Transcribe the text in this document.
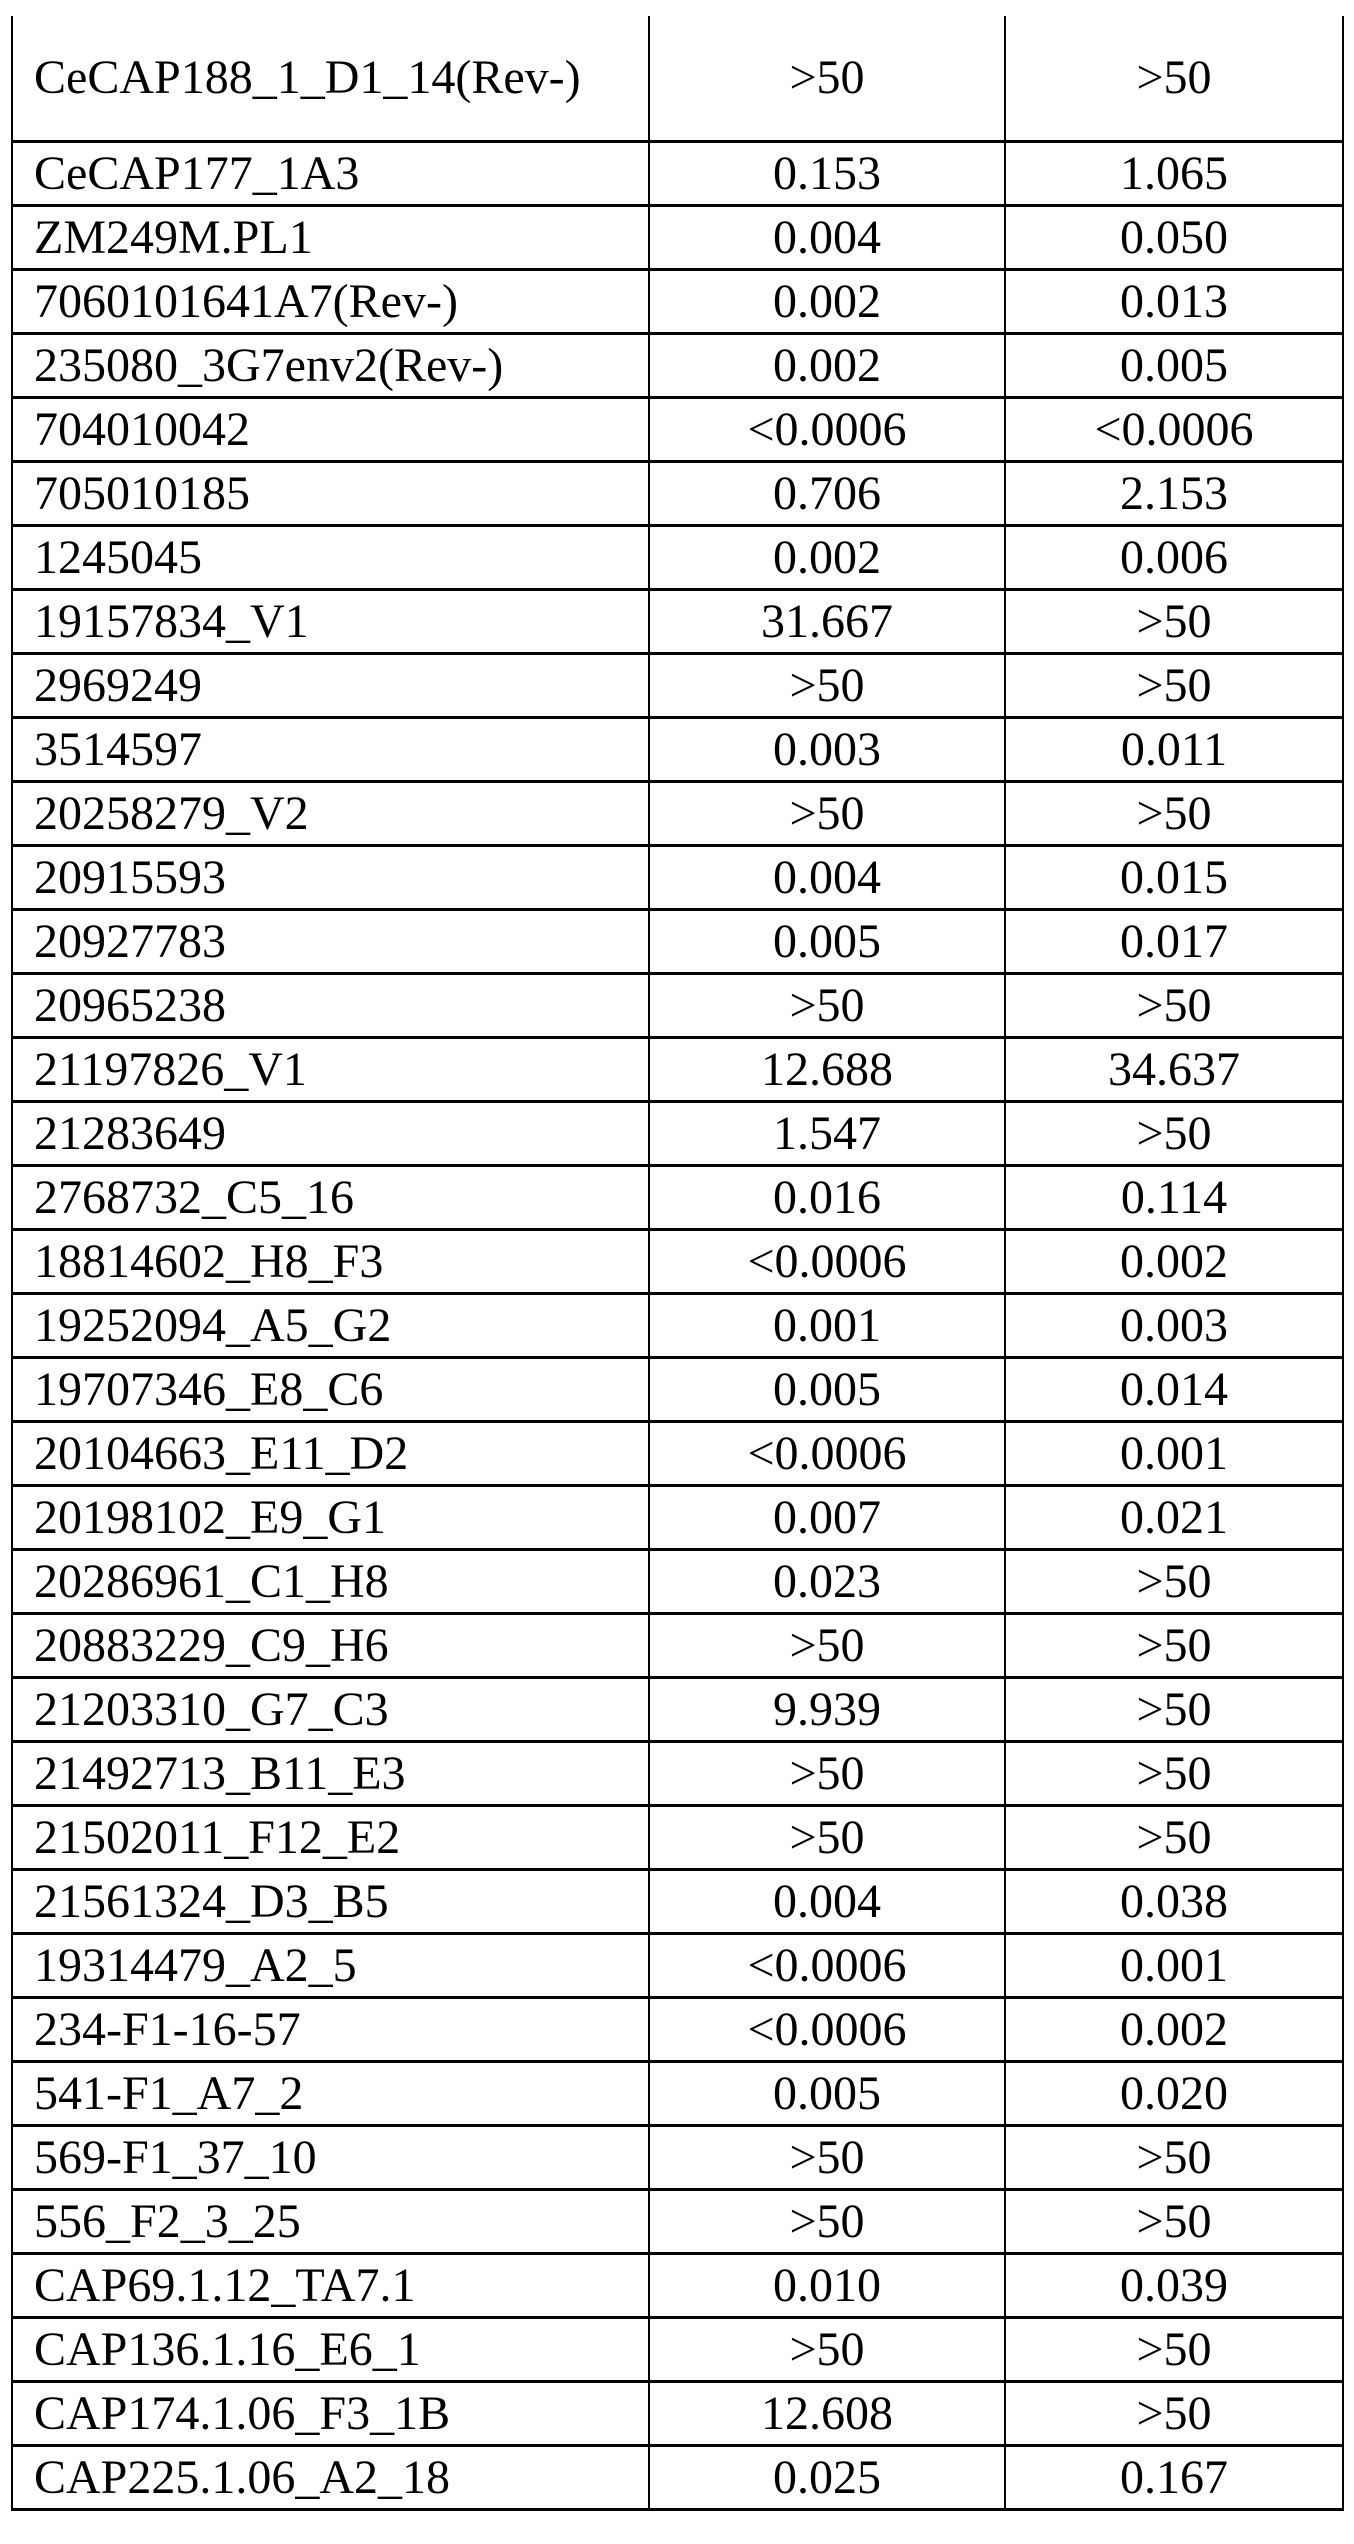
CeCAP188_1_D1_14(Rev-)	>50	>50
CeCAP177_1A3	0.153	1.065
ZM249M.PL1	0.004	0.050
7060101641A7(Rev-)	0.002	0.013
235080_3G7env2(Rev-)	0.002	0.005
704010042	<0.0006	<0.0006
705010185	0.706	2.153
1245045	0.002	0.006
19157834_V1	31.667	>50
2969249	>50	>50
3514597	0.003	0.011
20258279_V2	>50	>50
20915593	0.004	0.015
20927783	0.005	0.017
20965238	>50	>50
21197826_V1	12.688	34.637
21283649	1.547	>50
2768732_C5_16	0.016	0.114
18814602_H8_F3	<0.0006	0.002
19252094_A5_G2	0.001	0.003
19707346_E8_C6	0.005	0.014
20104663_E11_D2	<0.0006	0.001
20198102_E9_G1	0.007	0.021
20286961_C1_H8	0.023	>50
20883229_C9_H6	>50	>50
21203310_G7_C3	9.939	>50
21492713_B11_E3	>50	>50
21502011_F12_E2	>50	>50
21561324_D3_B5	0.004	0.038
19314479_A2_5	<0.0006	0.001
234-F1-16-57	<0.0006	0.002
541-F1_A7_2	0.005	0.020
569-F1_37_10	>50	>50
556_F2_3_25	>50	>50
CAP69.1.12_TA7.1	0.010	0.039
CAP136.1.16_E6_1	>50	>50
CAP174.1.06_F3_1B	12.608	>50
CAP225.1.06_A2_18	0.025	0.167
